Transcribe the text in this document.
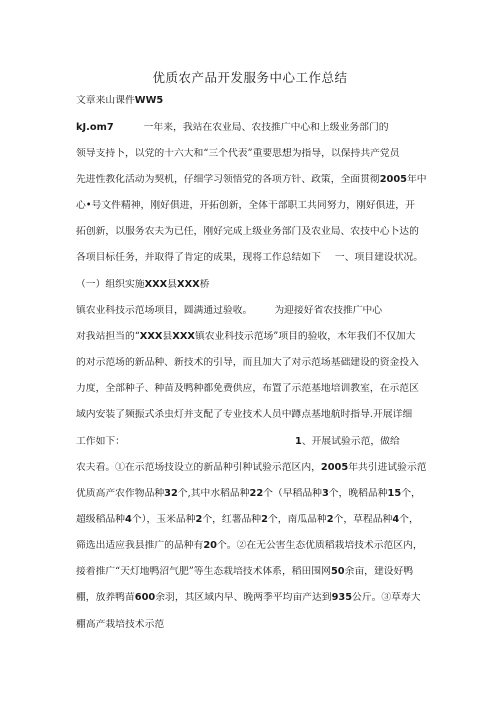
优质农产品开发服务中心工作总结
文章来山课件WW5
kJ.om7	一年来，我站在农业局、农技推广中心和上级业务部门的
领导支持卜，以党的十六大和“三个代表”重要思想为指导，以保持共产党员
先进性教化活动为契机，仔细学习领悟党的各项方针、政策，全面贯彻2005年中
心•号文件精神，刚好俱进，开拓创新，全体干部职工共同努力，刚好俱进，开
拓创新，以服务农夫为已任，刚好完成上级业务部门及农业局、农技中心卜达的
各项目标任务，并取得了肯定的成果，现将工作总结如下 一、项目建设状况。
（一）组织实施XXX县XXX桥
镇农业科技示范场项目，圆满通过验收。 为迎接好省农技推广中心
对我站担当的“XXX县XXX镇农业科技示范场”项目的验收，木年我们不仅加大
的对示范场的新品种、新技术的引导，而且加大了对示范场基础建设的资金投入
力度，全部种子、种苗及鸭种都免费供应，布置了示范基地培训教室，在示范区
域内安装了频振式杀虫灯并支配了专业技术人员中蹲点基地航时指导.开展详细
工作如下：	1、开展试验示范，做给
农夫看。①在示范场技设立的新品种引种试验示范区内，2005年共引进试验示范
优质高产农作物品种32个,其中水稻品种22个（早稻品种3个，晚稻品种15个，
超级稻品种4个），玉米品种2个，红薯品种2个，南瓜品种2个，草程品种4个，
筛选出适应我县推广的品种有20个。②在无公害生态优质稻栽培技术示范区内，
接着推广“天灯地鸭沼气肥”等生态栽培技术体系，稻田围网50余亩，建设好鸭
棚，放养鸭苗600余羽，其区域内早、晚两季平均亩产达到935公斤。③草寿大
棚高产栽培技术示范
